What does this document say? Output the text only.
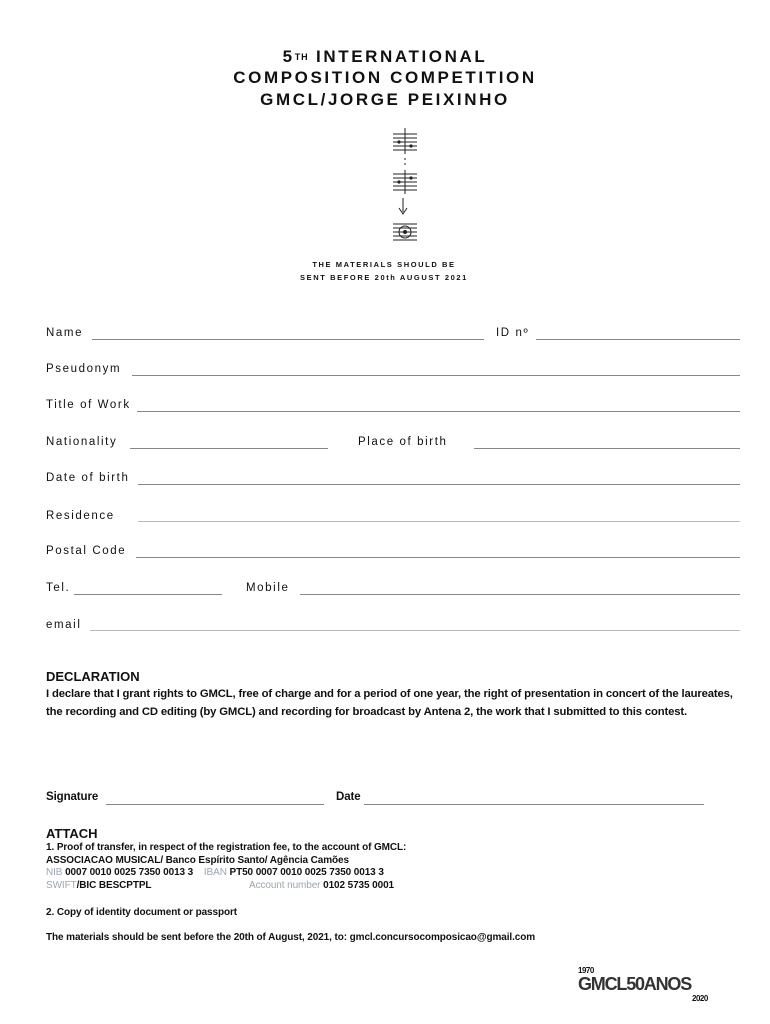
5TH INTERNATIONAL
COMPOSITION COMPETITION
GMCL/JORGE PEIXINHO
THE MATERIALS SHOULD BE
SENT BEFORE 20th AUGUST 2021
Name	ID nº
Pseudonym
Title of Work
Nationality	Place of birth
Date of birth
Residence
Postal Code
Tel.	Mobile
email
DECLARATION
I declare that I grant rights to GMCL, free of charge and for a period of one year, the right of presentation in concert of the laureates, the recording and CD editing (by GMCL) and recording for broadcast by Antena 2, the work that I submitted to this contest.
Signature	Date
ATTACH
1. Proof of transfer, in respect of the registration fee, to the account of GMCL:
ASSOCIACAO MUSICAL/ Banco Espírito Santo/ Agência Camões
NIB 0007 0010 0025 7350 0013 3 IBAN PT50 0007 0010 0025 7350 0013 3
SWIFT/BIC BESCPTPL	Account number 0102 5735 0001
2. Copy of identity document or passport
The materials should be sent before the 20th of August, 2021, to: gmcl.concursocomposicao@gmail.com
1970
GMCL50ANOS
2020
